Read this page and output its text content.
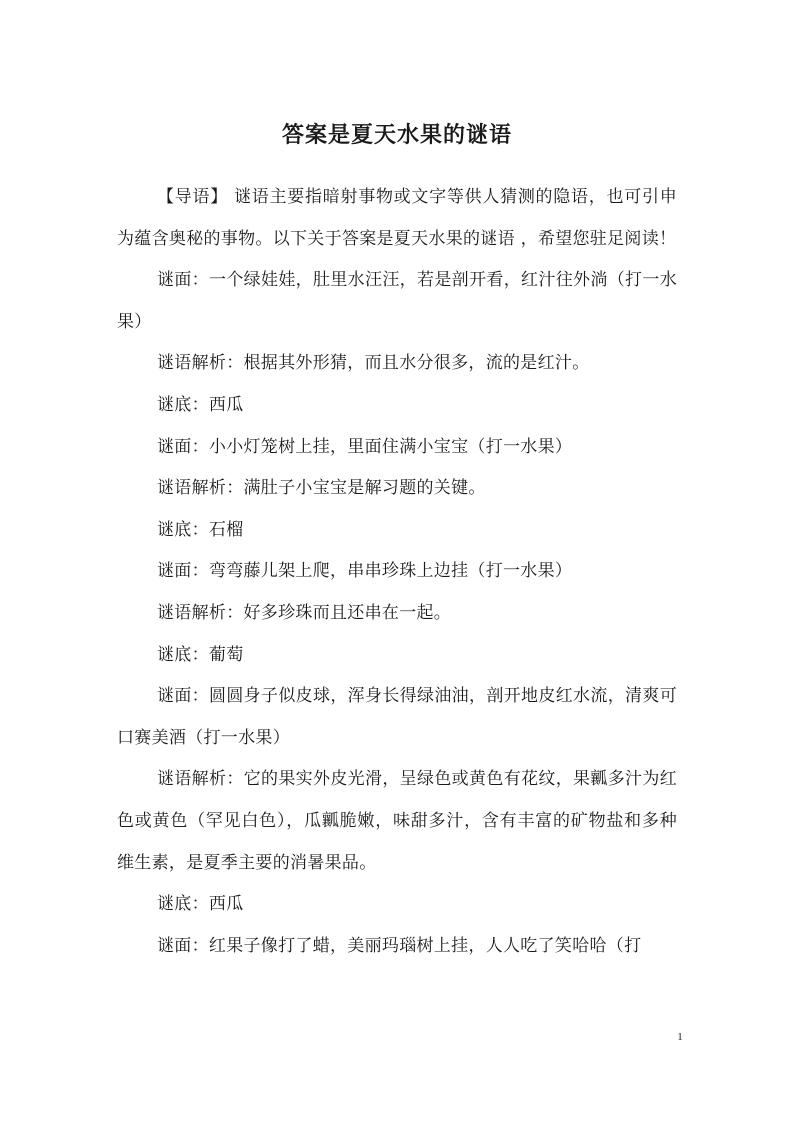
答案是夏天水果的谜语

【导语】 谜语主要指暗射事物或文字等供人猜测的隐语，也可引申为蕴含奥秘的事物。以下关于答案是夏天水果的谜语 ，希望您驻足阅读！

谜面：一个绿娃娃，肚里水汪汪，若是剖开看，红汁往外淌（打一水果）

谜语解析：根据其外形猜，而且水分很多，流的是红汁。

谜底：西瓜

谜面：小小灯笼树上挂，里面住满小宝宝（打一水果）

谜语解析：满肚子小宝宝是解习题的关键。

谜底：石榴

谜面：弯弯藤儿架上爬，串串珍珠上边挂（打一水果）

谜语解析：好多珍珠而且还串在一起。

谜底：葡萄

谜面：圆圆身子似皮球，浑身长得绿油油，剖开地皮红水流，清爽可口赛美酒（打一水果）

谜语解析：它的果实外皮光滑，呈绿色或黄色有花纹，果瓤多汁为红色或黄色（罕见白色），瓜瓤脆嫩，味甜多汁，含有丰富的矿物盐和多种维生素，是夏季主要的消暑果品。

谜底：西瓜

谜面：红果子像打了蜡，美丽玛瑙树上挂，人人吃了笑哈哈（打

1
